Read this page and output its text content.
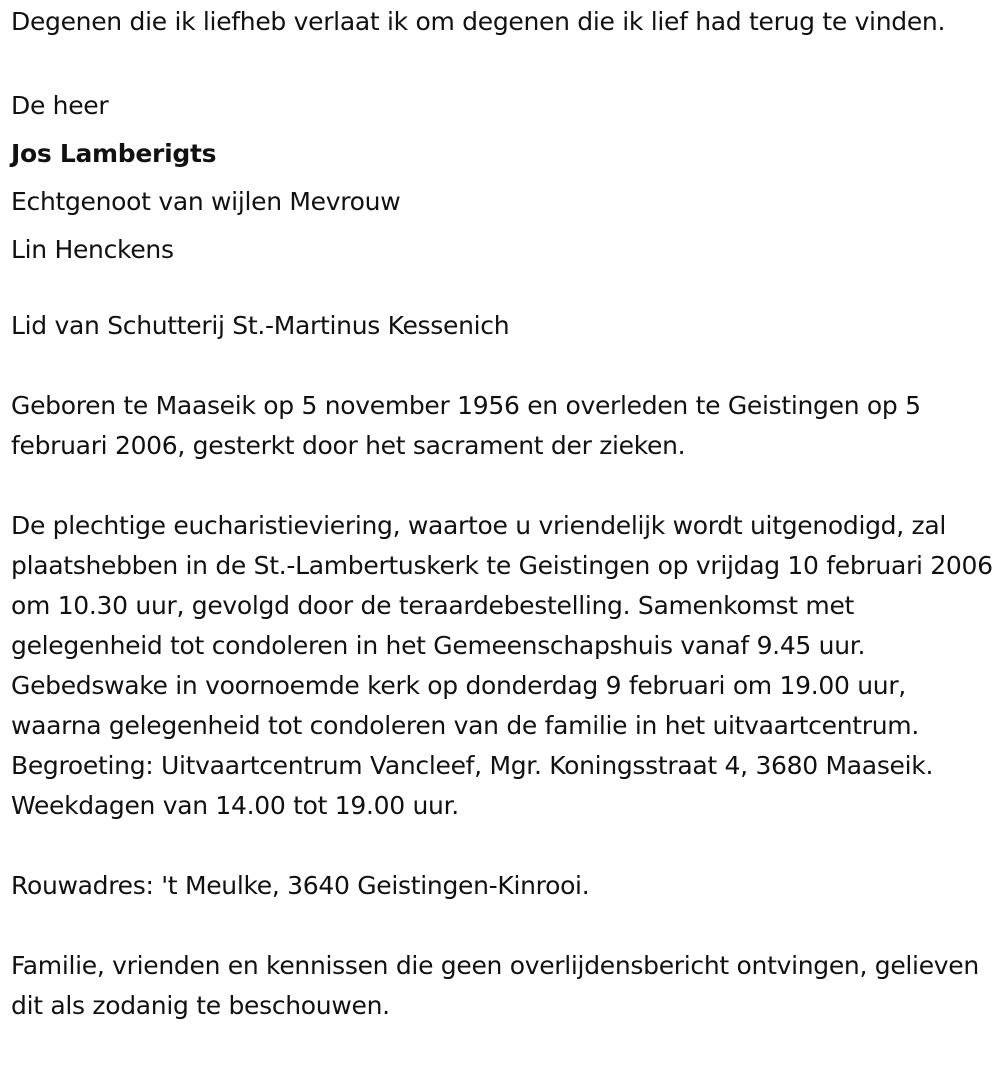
Degenen die ik liefheb verlaat ik om degenen die ik lief had terug te vinden.

De heer

Jos Lamberigts

Echtgenoot van wijlen Mevrouw

Lin Henckens

Lid van Schutterij St.-Martinus Kessenich

Geboren te Maaseik op 5 november 1956 en overleden te Geistingen op 5 februari 2006, gesterkt door het sacrament der zieken.

De plechtige eucharistieviering, waartoe u vriendelijk wordt uitgenodigd, zal plaatshebben in de St.-Lambertuskerk te Geistingen op vrijdag 10 februari 2006 om 10.30 uur, gevolgd door de teraardebestelling. Samenkomst met gelegenheid tot condoleren in het Gemeenschapshuis vanaf 9.45 uur. Gebedswake in voornoemde kerk op donderdag 9 februari om 19.00 uur, waarna gelegenheid tot condoleren van de familie in het uitvaartcentrum. Begroeting: Uitvaartcentrum Vancleef, Mgr. Koningsstraat 4, 3680 Maaseik. Weekdagen van 14.00 tot 19.00 uur.

Rouwadres: 't Meulke, 3640 Geistingen-Kinrooi.

Familie, vrienden en kennissen die geen overlijdensbericht ontvingen, gelieven dit als zodanig te beschouwen.
